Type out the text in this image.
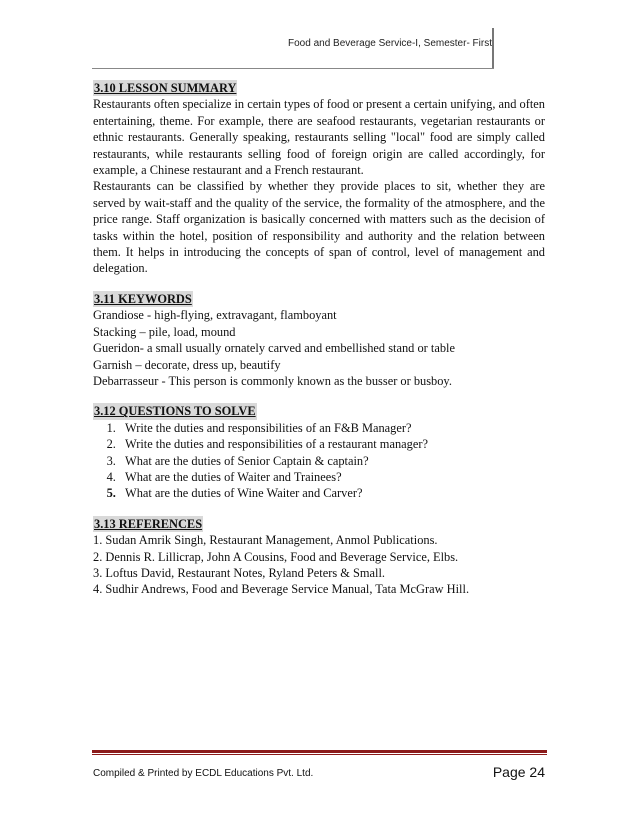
Food and Beverage Service-I, Semester- First
3.10 LESSON SUMMARY

Restaurants often specialize in certain types of food or present a certain unifying, and often entertaining, theme. For example, there are seafood restaurants, vegetarian restaurants or ethnic restaurants. Generally speaking, restaurants selling "local" food are simply called restaurants, while restaurants selling food of foreign origin are called accordingly, for example, a Chinese restaurant and a French restaurant.

Restaurants can be classified by whether they provide places to sit, whether they are served by wait-staff and the quality of the service, the formality of the atmosphere, and the price range. Staff organization is basically concerned with matters such as the decision of tasks within the hotel, position of responsibility and authority and the relation between them. It helps in introducing the concepts of span of control, level of management and delegation.

3.11 KEYWORDS
Grandiose - high-flying, extravagant, flamboyant
Stacking – pile, load, mound
Gueridon- a small usually ornately carved and embellished stand or table
Garnish – decorate, dress up, beautify
Debarrasseur - This person is commonly known as the busser or busboy.
3.12 QUESTIONS TO SOLVE
1. Write the duties and responsibilities of an F&B Manager?
2. Write the duties and responsibilities of a restaurant manager?
3. What are the duties of Senior Captain & captain?
4. What are the duties of Waiter and Trainees?
5. What are the duties of Wine Waiter and Carver?
3.13 REFERENCES
1. Sudan Amrik Singh, Restaurant Management, Anmol Publications.
2. Dennis R. Lillicrap, John A Cousins, Food and Beverage Service, Elbs.
3. Loftus David, Restaurant Notes, Ryland Peters & Small.
4. Sudhir Andrews, Food and Beverage Service Manual, Tata McGraw Hill.
Compiled & Printed by ECDL Educations Pvt. Ltd.	Page 24
